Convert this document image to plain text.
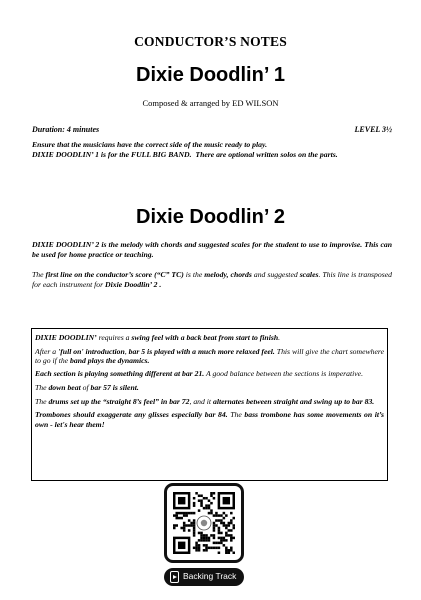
CONDUCTOR’S NOTES
Dixie Doodlin’ 1
Composed & arranged by ED WILSON
Duration: 4 minutes	LEVEL 3½
Ensure that the musicians have the correct side of the music ready to play.
DIXIE DOODLIN’ 1 is for the FULL BIG BAND. There are optional written solos on the parts.
Dixie Doodlin’ 2
DIXIE DOODLIN’ 2 is the melody with chords and suggested scales for the student to use to improvise. This can be used for home practice or teaching.
The first line on the conductor’s score (“C” TC) is the melody, chords and suggested scales. This line is transposed for each instrument for Dixie Doodlin’ 2 .

DIXIE DOODLIN’ requires a swing feel with a back beat from start to finish.

After a 'full on' introduction, bar 5 is played with a much more relaxed feel. This will give the chart somewhere to go if the band plays the dynamics.

Each section is playing something different at bar 21. A good balance between the sections is imperative.

The down beat of bar 57 is silent.

The drums set up the “straight 8’s feel” in bar 72, and it alternates between straight and swing up to bar 83.

Trombones should exaggerate any glisses especially bar 84. The bass trombone has some movements on it’s own - let's hear them!

Backing Track
